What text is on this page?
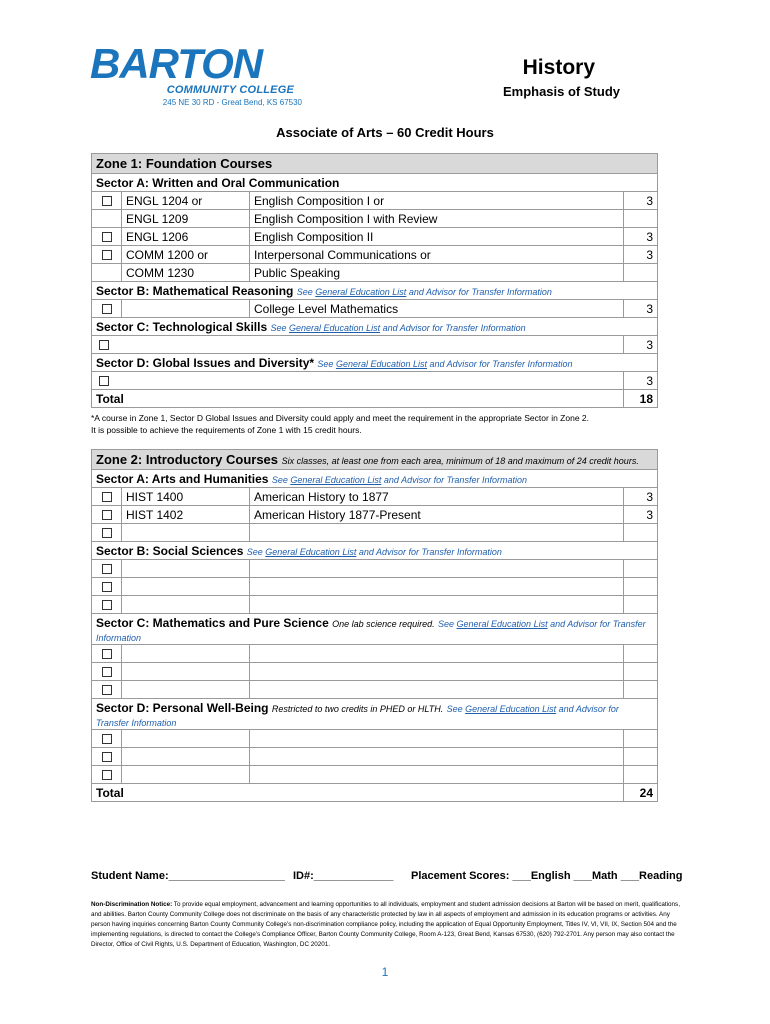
BARTON
COMMUNITY COLLEGE
245 NE 30 RD - Great Bend, KS 67530
History
Emphasis of Study
Associate of Arts – 60 Credit Hours
Zone 1: Foundation Courses			
Sector A: Written and Oral Communication			
	ENGL 1204 or	English Composition I or	3
	ENGL 1209	English Composition I with Review	
	ENGL 1206	English Composition II	3
	COMM 1200 or	Interpersonal Communications or	3
	COMM 1230	Public Speaking	
Sector B: Mathematical Reasoning See General Education List and Advisor for Transfer Information			
		College Level Mathematics	3
Sector C: Technological Skills See General Education List and Advisor for Transfer Information			
			3
Sector D: Global Issues and Diversity* See General Education List and Advisor for Transfer Information			
			3
Total			18
*A course in Zone 1, Sector D Global Issues and Diversity could apply and meet the requirement in the appropriate Sector in Zone 2.
It is possible to achieve the requirements of Zone 1 with 15 credit hours.
Zone 2: Introductory Courses Six classes, at least one from each area, minimum of 18 and maximum of 24 credit hours.			
Sector A: Arts and Humanities See General Education List and Advisor for Transfer Information			
	HIST 1400	American History to 1877	3
	HIST 1402	American History 1877-Present	3

Sector B: Social Sciences See General Education List and Advisor for Transfer Information			

Sector C: Mathematics and Pure Science One lab science required. See General Education List and Advisor for Transfer
Information			

Sector D: Personal Well-Being Restricted to two credits in PHED or HLTH. See General Education List and Advisor for
Transfer Information			

Total			24
Student Name:___________________ ID#:_____________ Placement Scores: ___English ___Math ___Reading
Non-Discrimination Notice: To provide equal employment, advancement and learning opportunities to all individuals, employment and student admission decisions at Barton will be based on merit, qualifications, and abilities. Barton County Community College does not discriminate on the basis of any characteristic protected by law in all aspects of employment and admission in its education programs or activities. Any person having inquiries concerning Barton County Community College’s non-discrimination compliance policy, including the application of Equal Opportunity Employment, Titles IV, VI, VII, IX, Section 504 and the implementing regulations, is directed to contact the College’s Compliance Officer, Barton County Community College, Room A-123, Great Bend, Kansas 67530, (620) 792-2701. Any person may also contact the Director, Office of Civil Rights, U.S. Department of Education, Washington, DC 20201.
1
